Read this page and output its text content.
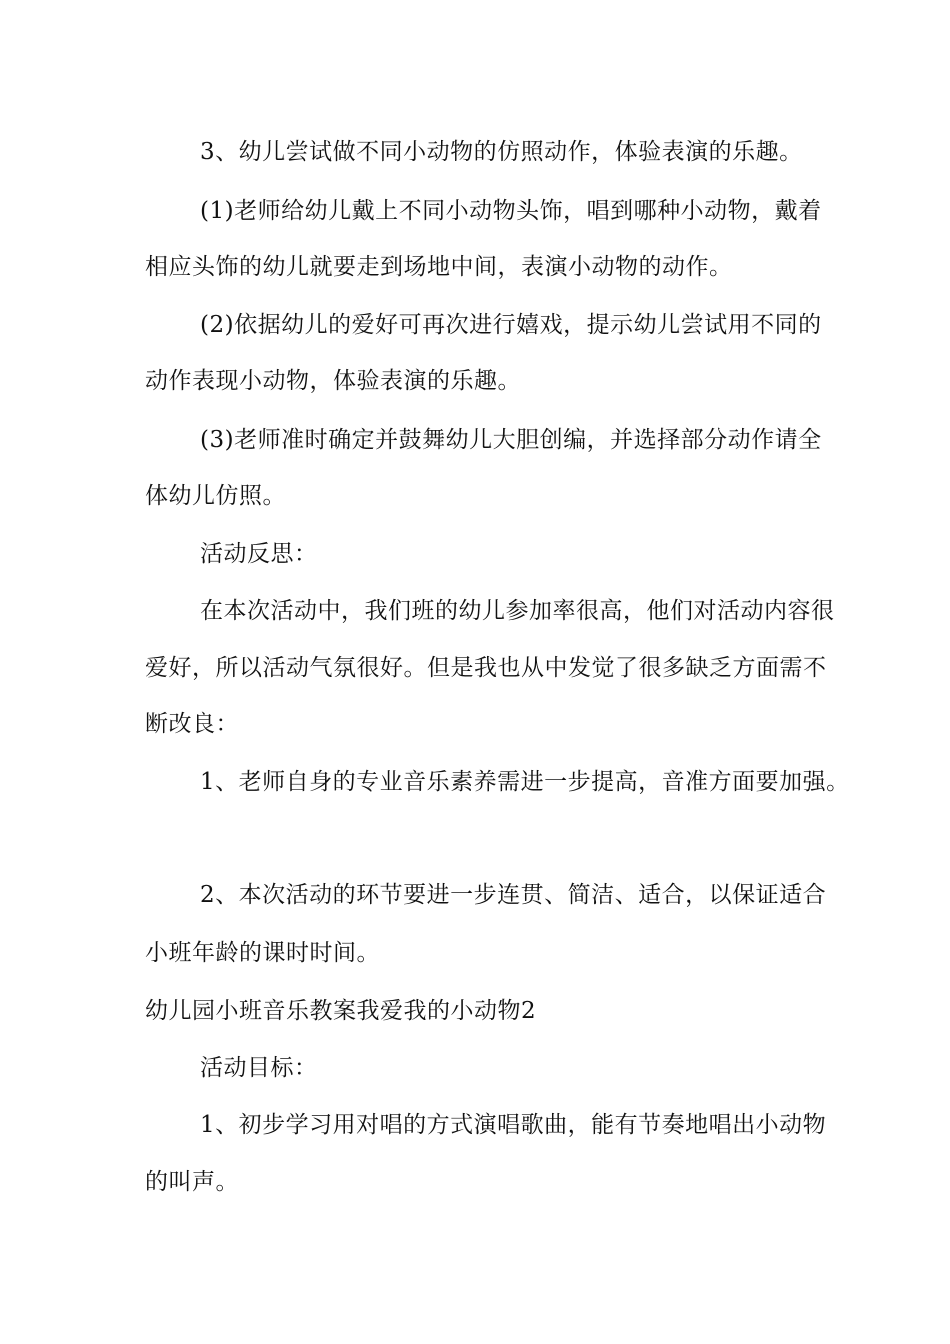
3、幼儿尝试做不同小动物的仿照动作，体验表演的乐趣。
(1)老师给幼儿戴上不同小动物头饰，唱到哪种小动物，戴着
相应头饰的幼儿就要走到场地中间，表演小动物的动作。
(2)依据幼儿的爱好可再次进行嬉戏，提示幼儿尝试用不同的
动作表现小动物，体验表演的乐趣。
(3)老师准时确定并鼓舞幼儿大胆创编，并选择部分动作请全
体幼儿仿照。
活动反思：
在本次活动中，我们班的幼儿参加率很高，他们对活动内容很
爱好，所以活动气氛很好。但是我也从中发觉了很多缺乏方面需不
断改良：
1、老师自身的专业音乐素养需进一步提高，音准方面要加强。
2、本次活动的环节要进一步连贯、简洁、适合，以保证适合
小班年龄的课时时间。
幼儿园小班音乐教案我爱我的小动物2
活动目标：
1、初步学习用对唱的方式演唱歌曲，能有节奏地唱出小动物
的叫声。
